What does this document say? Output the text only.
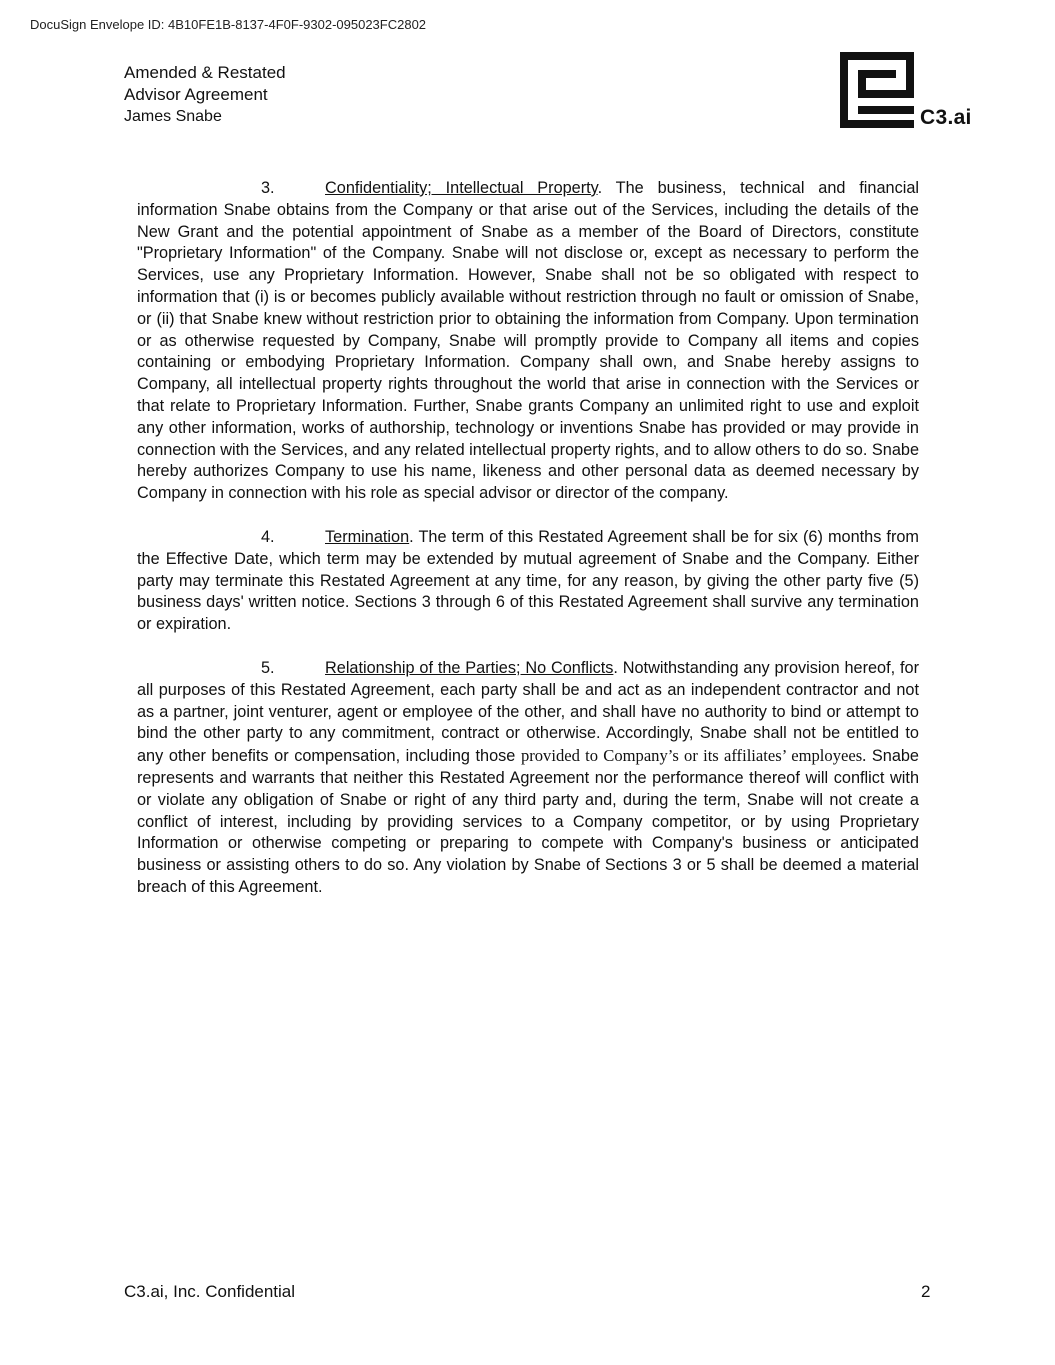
DocuSign Envelope ID: 4B10FE1B-8137-4F0F-9302-095023FC2802
Amended & Restated
Advisor Agreement
James Snabe	C3.ai

3.	Confidentiality; Intellectual Property. The business, technical and financial information Snabe obtains from the Company or that arise out of the Services, including the details of the New Grant and the potential appointment of Snabe as a member of the Board of Directors, constitute "Proprietary Information" of the Company. Snabe will not disclose or, except as necessary to perform the Services, use any Proprietary Information. However, Snabe shall not be so obligated with respect to information that (i) is or becomes publicly available without restriction through no fault or omission of Snabe, or (ii) that Snabe knew without restriction prior to obtaining the information from Company. Upon termination or as otherwise requested by Company, Snabe will promptly provide to Company all items and copies containing or embodying Proprietary Information. Company shall own, and Snabe hereby assigns to Company, all intellectual property rights throughout the world that arise in connection with the Services or that relate to Proprietary Information. Further, Snabe grants Company an unlimited right to use and exploit any other information, works of authorship, technology or inventions Snabe has provided or may provide in connection with the Services, and any related intellectual property rights, and to allow others to do so. Snabe hereby authorizes Company to use his name, likeness and other personal data as deemed necessary by Company in connection with his role as special advisor or director of the company.

4.	Termination. The term of this Restated Agreement shall be for six (6) months from the Effective Date, which term may be extended by mutual agreement of Snabe and the Company. Either party may terminate this Restated Agreement at any time, for any reason, by giving the other party five (5) business days' written notice. Sections 3 through 6 of this Restated Agreement shall survive any termination or expiration.

5.	Relationship of the Parties; No Conflicts. Notwithstanding any provision hereof, for all purposes of this Restated Agreement, each party shall be and act as an independent contractor and not as a partner, joint venturer, agent or employee of the other, and shall have no authority to bind or attempt to bind the other party to any commitment, contract or otherwise. Accordingly, Snabe shall not be entitled to any other benefits or compensation, including those provided to Company’s or its affiliates’ employees. Snabe represents and warrants that neither this Restated Agreement nor the performance thereof will conflict with or violate any obligation of Snabe or right of any third party and, during the term, Snabe will not create a conflict of interest, including by providing services to a Company competitor, or by using Proprietary Information or otherwise competing or preparing to compete with Company's business or anticipated business or assisting others to do so. Any violation by Snabe of Sections 3 or 5 shall be deemed a material breach of this Agreement.

C3.ai, Inc. Confidential	2
